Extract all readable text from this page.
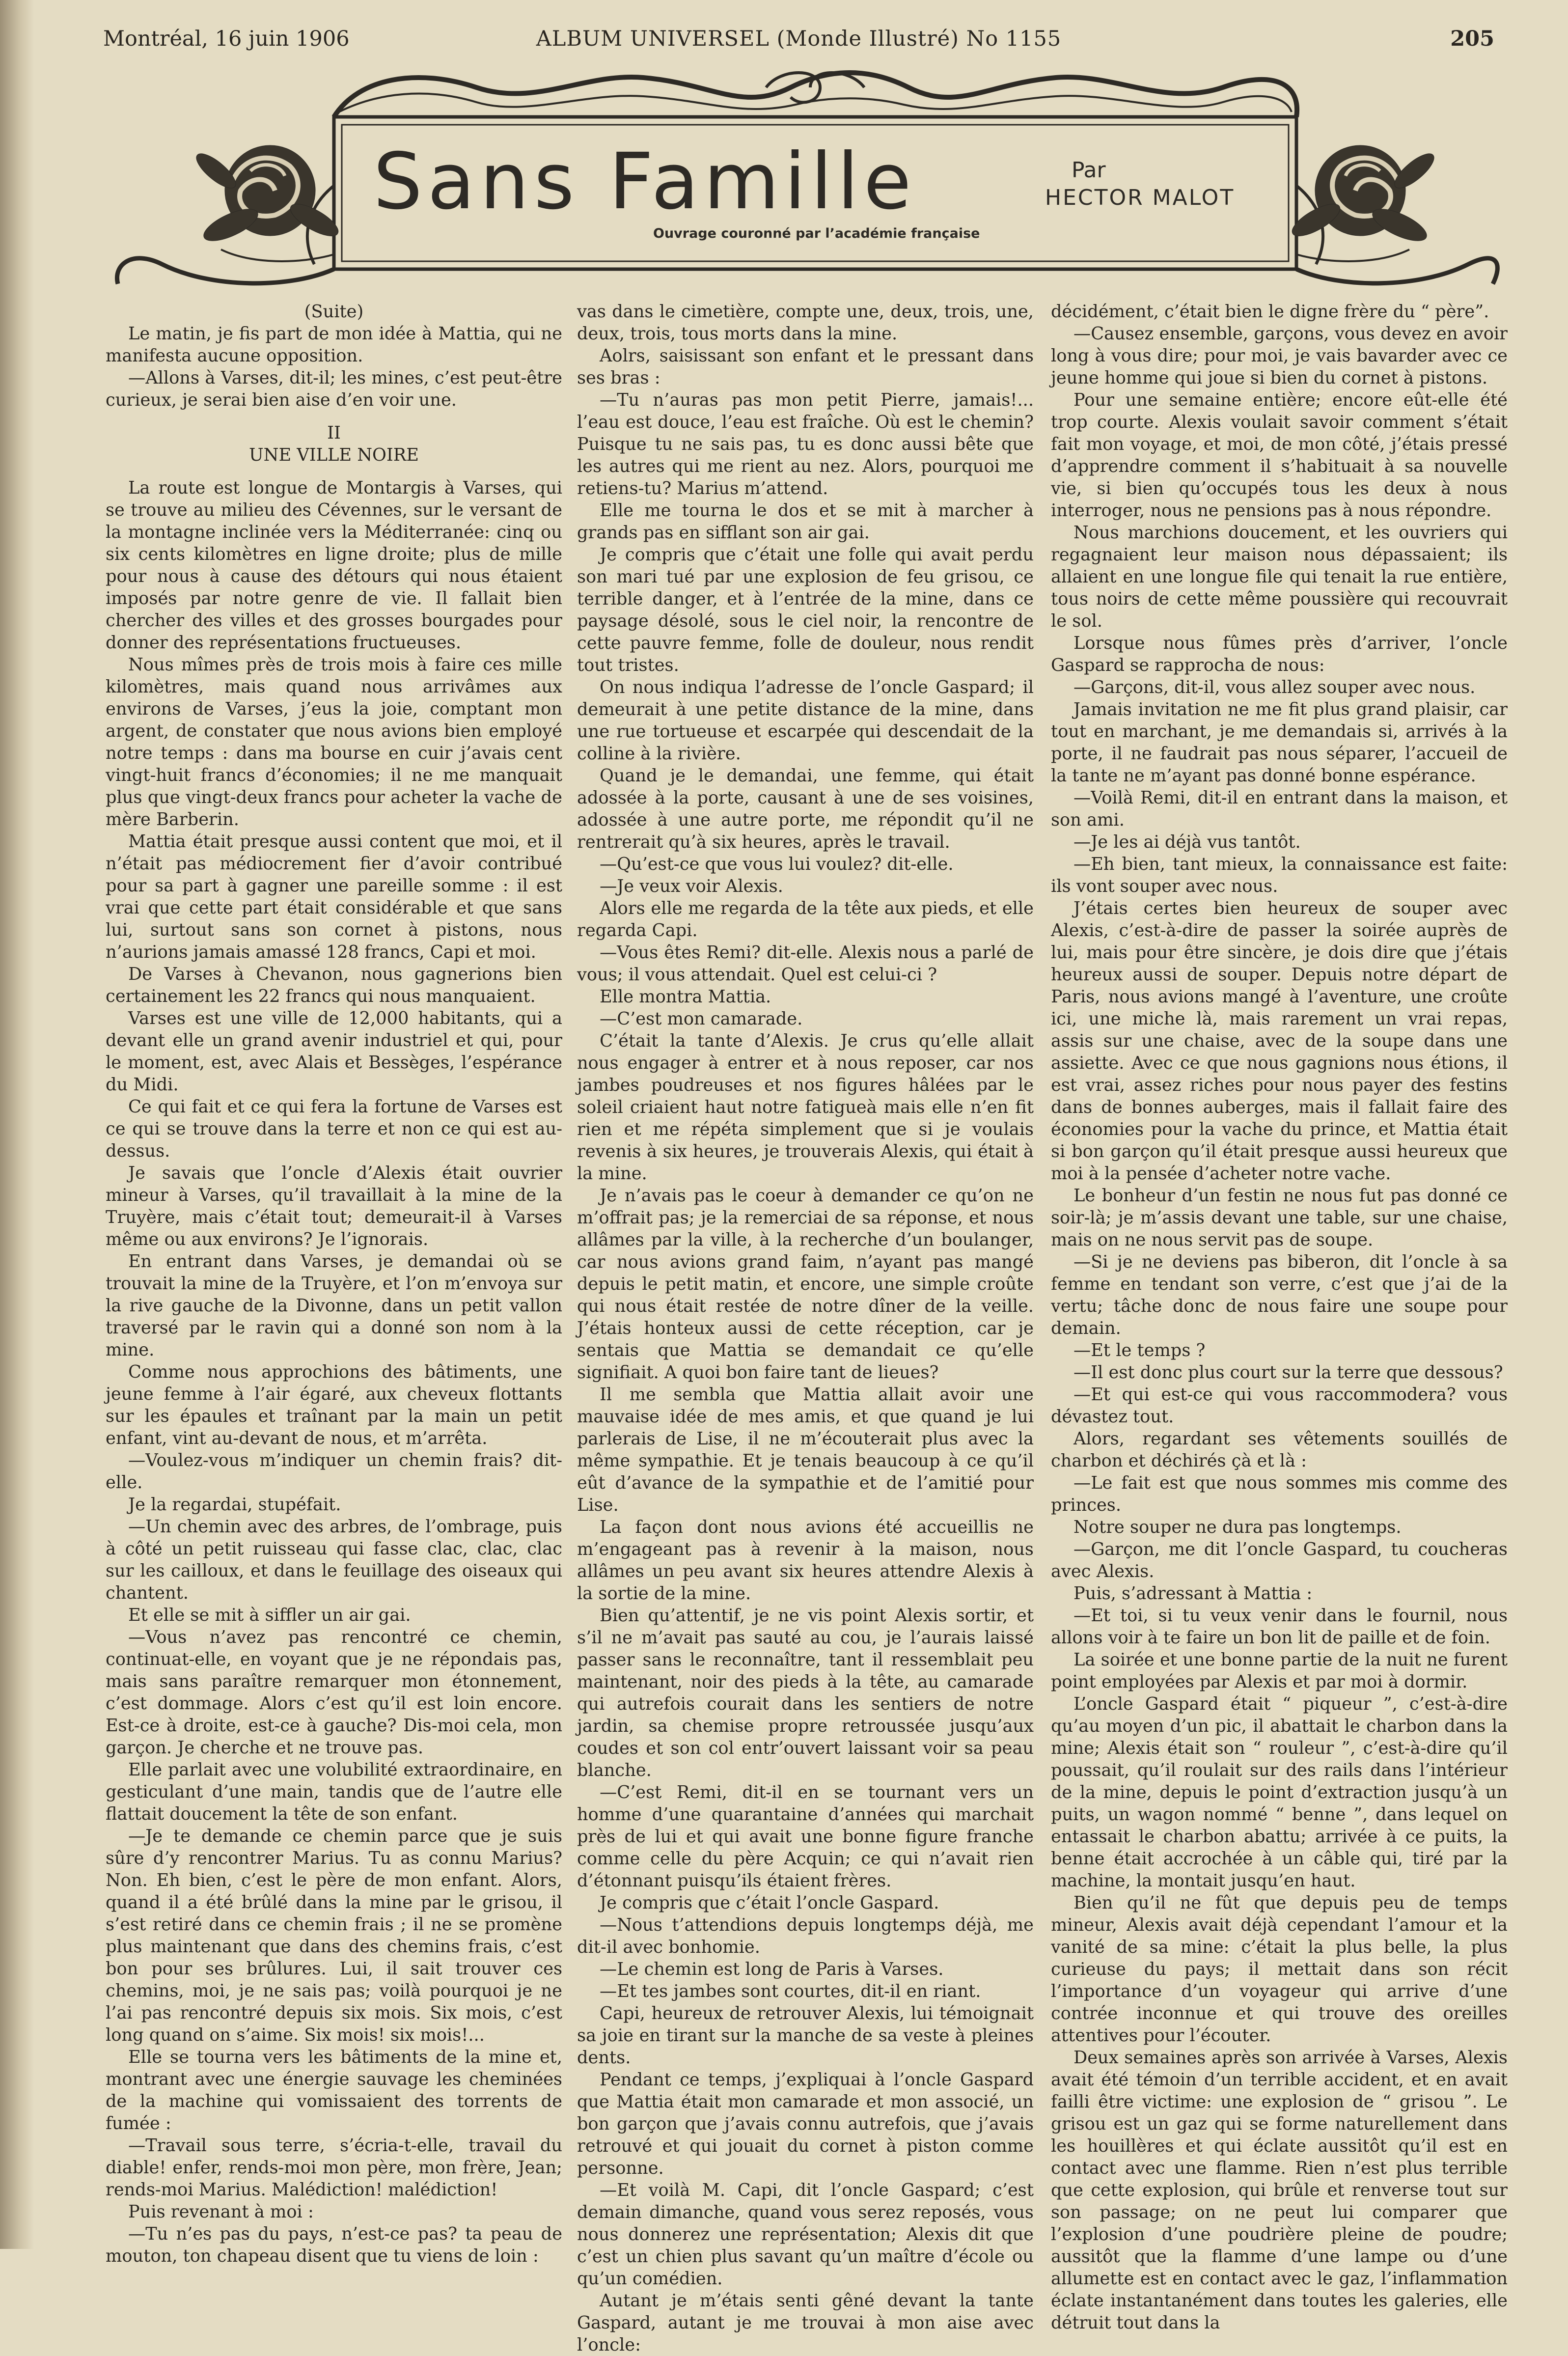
Montréal, 16 juin 1906	ALBUM UNIVERSEL (Monde Illustré) No 1155	205
Sans Famille	Par
HECTOR MALOT
Ouvrage couronné par l’académie française

(Suite)

Le matin, je fis part de mon idée à Mattia, qui ne manifesta aucune opposition.

—Allons à Varses, dit-il; les mines, c’est peut-être curieux, je serai bien aise d’en voir une.

II

UNE VILLE NOIRE

La route est longue de Montargis à Varses, qui se trouve au milieu des Cévennes, sur le versant de la montagne inclinée vers la Méditerranée: cinq ou six cents kilomètres en ligne droite; plus de mille pour nous à cause des détours qui nous étaient imposés par notre genre de vie. Il fallait bien chercher des villes et des grosses bourgades pour donner des représentations fructueuses.

Nous mîmes près de trois mois à faire ces mille kilomètres, mais quand nous arrivâmes aux environs de Varses, j’eus la joie, comptant mon argent, de constater que nous avions bien employé notre temps : dans ma bourse en cuir j’avais cent vingt-huit francs d’économies; il ne me manquait plus que vingt-deux francs pour acheter la vache de mère Barberin.

Mattia était presque aussi content que moi, et il n’était pas médiocrement fier d’avoir contribué pour sa part à gagner une pareille somme : il est vrai que cette part était considérable et que sans lui, surtout sans son cornet à pistons, nous n’aurions jamais amassé 128 francs, Capi et moi.

De Varses à Chevanon, nous gagnerions bien certainement les 22 francs qui nous manquaient.

Varses est une ville de 12,000 habitants, qui a devant elle un grand avenir industriel et qui, pour le moment, est, avec Alais et Bessèges, l’espérance du Midi.

Ce qui fait et ce qui fera la fortune de Varses est ce qui se trouve dans la terre et non ce qui est au-dessus.

Je savais que l’oncle d’Alexis était ouvrier mineur à Varses, qu’il travaillait à la mine de la Truyère, mais c’était tout; demeurait-il à Varses même ou aux environs? Je l’ignorais.

En entrant dans Varses, je demandai où se trouvait la mine de la Truyère, et l’on m’envoya sur la rive gauche de la Divonne, dans un petit vallon traversé par le ravin qui a donné son nom à la mine.

Comme nous approchions des bâtiments, une jeune femme à l’air égaré, aux cheveux flottants sur les épaules et traînant par la main un petit enfant, vint au-devant de nous, et m’arrêta.

—Voulez-vous m’indiquer un chemin frais? dit-elle.

Je la regardai, stupéfait.

—Un chemin avec des arbres, de l’ombrage, puis à côté un petit ruisseau qui fasse clac, clac, clac sur les cailloux, et dans le feuillage des oiseaux qui chantent.

Et elle se mit à siffler un air gai.

—Vous n’avez pas rencontré ce chemin, continuat-elle, en voyant que je ne répondais pas, mais sans paraître remarquer mon étonnement, c’est dommage. Alors c’est qu’il est loin encore. Est-ce à droite, est-ce à gauche? Dis-moi cela, mon garçon. Je cherche et ne trouve pas.

Elle parlait avec une volubilité extraordinaire, en gesticulant d’une main, tandis que de l’autre elle flattait doucement la tête de son enfant.

—Je te demande ce chemin parce que je suis sûre d’y rencontrer Marius. Tu as connu Marius? Non. Eh bien, c’est le père de mon enfant. Alors, quand il a été brûlé dans la mine par le grisou, il s’est retiré dans ce chemin frais ; il ne se promène plus maintenant que dans des chemins frais, c’est bon pour ses brûlures. Lui, il sait trouver ces chemins, moi, je ne sais pas; voilà pourquoi je ne l’ai pas rencontré depuis six mois. Six mois, c’est long quand on s’aime. Six mois! six mois!...

Elle se tourna vers les bâtiments de la mine et, montrant avec une énergie sauvage les cheminées de la machine qui vomissaient des torrents de fumée :

—Travail sous terre, s’écria-t-elle, travail du diable! enfer, rends-moi mon père, mon frère, Jean; rends-moi Marius. Malédiction! malédiction!

Puis revenant à moi :

—Tu n’es pas du pays, n’est-ce pas? ta peau de mouton, ton chapeau disent que tu viens de loin :

vas dans le cimetière, compte une, deux, trois, une, deux, trois, tous morts dans la mine.

Aolrs, saisissant son enfant et le pressant dans ses bras :

—Tu n’auras pas mon petit Pierre, jamais!... l’eau est douce, l’eau est fraîche. Où est le chemin? Puisque tu ne sais pas, tu es donc aussi bête que les autres qui me rient au nez. Alors, pourquoi me retiens-tu? Marius m’attend.

Elle me tourna le dos et se mit à marcher à grands pas en sifflant son air gai.

Je compris que c’était une folle qui avait perdu son mari tué par une explosion de feu grisou, ce terrible danger, et à l’entrée de la mine, dans ce paysage désolé, sous le ciel noir, la rencontre de cette pauvre femme, folle de douleur, nous rendit tout tristes.

On nous indiqua l’adresse de l’oncle Gaspard; il demeurait à une petite distance de la mine, dans une rue tortueuse et escarpée qui descendait de la colline à la rivière.

Quand je le demandai, une femme, qui était adossée à la porte, causant à une de ses voisines, adossée à une autre porte, me répondit qu’il ne rentrerait qu’à six heures, après le travail.

—Qu’est-ce que vous lui voulez? dit-elle.

—Je veux voir Alexis.

Alors elle me regarda de la tête aux pieds, et elle regarda Capi.

—Vous êtes Remi? dit-elle. Alexis nous a parlé de vous; il vous attendait. Quel est celui-ci ?

Elle montra Mattia.

—C’est mon camarade.

C’était la tante d’Alexis. Je crus qu’elle allait nous engager à entrer et à nous reposer, car nos jambes poudreuses et nos figures hâlées par le soleil criaient haut notre fatigueà mais elle n’en fit rien et me répéta simplement que si je voulais revenis à six heures, je trouverais Alexis, qui était à la mine.

Je n’avais pas le coeur à demander ce qu’on ne m’offrait pas; je la remerciai de sa réponse, et nous allâmes par la ville, à la recherche d’un boulanger, car nous avions grand faim, n’ayant pas mangé depuis le petit matin, et encore, une simple croûte qui nous était restée de notre dîner de la veille. J’étais honteux aussi de cette réception, car je sentais que Mattia se demandait ce qu’elle signifiait. A quoi bon faire tant de lieues?

Il me sembla que Mattia allait avoir une mauvaise idée de mes amis, et que quand je lui parlerais de Lise, il ne m’écouterait plus avec la même sympathie. Et je tenais beaucoup à ce qu’il eût d’avance de la sympathie et de l’amitié pour Lise.

La façon dont nous avions été accueillis ne m’engageant pas à revenir à la maison, nous allâmes un peu avant six heures attendre Alexis à la sortie de la mine.

Bien qu’attentif, je ne vis point Alexis sortir, et s’il ne m’avait pas sauté au cou, je l’aurais laissé passer sans le reconnaître, tant il ressemblait peu maintenant, noir des pieds à la tête, au camarade qui autrefois courait dans les sentiers de notre jardin, sa chemise propre retroussée jusqu’aux coudes et son col entr’ouvert laissant voir sa peau blanche.

—C’est Remi, dit-il en se tournant vers un homme d’une quarantaine d’années qui marchait près de lui et qui avait une bonne figure franche comme celle du père Acquin; ce qui n’avait rien d’étonnant puisqu’ils étaient frères.

Je compris que c’était l’oncle Gaspard.

—Nous t’attendions depuis longtemps déjà, me dit-il avec bonhomie.

—Le chemin est long de Paris à Varses.

—Et tes jambes sont courtes, dit-il en riant.

Capi, heureux de retrouver Alexis, lui témoignait sa joie en tirant sur la manche de sa veste à pleines dents.

Pendant ce temps, j’expliquai à l’oncle Gaspard que Mattia était mon camarade et mon associé, un bon garçon que j’avais connu autrefois, que j’avais retrouvé et qui jouait du cornet à piston comme personne.

—Et voilà M. Capi, dit l’oncle Gaspard; c’est demain dimanche, quand vous serez reposés, vous nous donnerez une représentation; Alexis dit que c’est un chien plus savant qu’un maître d’école ou qu’un comédien.

Autant je m’étais senti gêné devant la tante Gaspard, autant je me trouvai à mon aise avec l’oncle:

décidément, c’était bien le digne frère du “ père”.

—Causez ensemble, garçons, vous devez en avoir long à vous dire; pour moi, je vais bavarder avec ce jeune homme qui joue si bien du cornet à pistons.

Pour une semaine entière; encore eût-elle été trop courte. Alexis voulait savoir comment s’était fait mon voyage, et moi, de mon côté, j’étais pressé d’apprendre comment il s’habituait à sa nouvelle vie, si bien qu’occupés tous les deux à nous interroger, nous ne pensions pas à nous répondre.

Nous marchions doucement, et les ouvriers qui regagnaient leur maison nous dépassaient; ils allaient en une longue file qui tenait la rue entière, tous noirs de cette même poussière qui recouvrait le sol.

Lorsque nous fûmes près d’arriver, l’oncle Gaspard se rapprocha de nous:

—Garçons, dit-il, vous allez souper avec nous.

Jamais invitation ne me fit plus grand plaisir, car tout en marchant, je me demandais si, arrivés à la porte, il ne faudrait pas nous séparer, l’accueil de la tante ne m’ayant pas donné bonne espérance.

—Voilà Remi, dit-il en entrant dans la maison, et son ami.

—Je les ai déjà vus tantôt.

—Eh bien, tant mieux, la connaissance est faite: ils vont souper avec nous.

J’étais certes bien heureux de souper avec Alexis, c’est-à-dire de passer la soirée auprès de lui, mais pour être sincère, je dois dire que j’étais heureux aussi de souper. Depuis notre départ de Paris, nous avions mangé à l’aventure, une croûte ici, une miche là, mais rarement un vrai repas, assis sur une chaise, avec de la soupe dans une assiette. Avec ce que nous gagnions nous étions, il est vrai, assez riches pour nous payer des festins dans de bonnes auberges, mais il fallait faire des économies pour la vache du prince, et Mattia était si bon garçon qu’il était presque aussi heureux que moi à la pensée d’acheter notre vache.

Le bonheur d’un festin ne nous fut pas donné ce soir-là; je m’assis devant une table, sur une chaise, mais on ne nous servit pas de soupe.

—Si je ne deviens pas biberon, dit l’oncle à sa femme en tendant son verre, c’est que j’ai de la vertu; tâche donc de nous faire une soupe pour demain.

—Et le temps ?

—Il est donc plus court sur la terre que dessous?

—Et qui est-ce qui vous raccommodera? vous dévastez tout.

Alors, regardant ses vêtements souillés de charbon et déchirés çà et là :

—Le fait est que nous sommes mis comme des princes.

Notre souper ne dura pas longtemps.

—Garçon, me dit l’oncle Gaspard, tu coucheras avec Alexis.

Puis, s’adressant à Mattia :

—Et toi, si tu veux venir dans le fournil, nous allons voir à te faire un bon lit de paille et de foin.

La soirée et une bonne partie de la nuit ne furent point employées par Alexis et par moi à dormir.

L’oncle Gaspard était “ piqueur ”, c’est-à-dire qu’au moyen d’un pic, il abattait le charbon dans la mine; Alexis était son “ rouleur ”, c’est-à-dire qu’il poussait, qu’il roulait sur des rails dans l’intérieur de la mine, depuis le point d’extraction jusqu’à un puits, un wagon nommé “ benne ”, dans lequel on entassait le charbon abattu; arrivée à ce puits, la benne était accrochée à un câble qui, tiré par la machine, la montait jusqu’en haut.

Bien qu’il ne fût que depuis peu de temps mineur, Alexis avait déjà cependant l’amour et la vanité de sa mine: c’était la plus belle, la plus curieuse du pays; il mettait dans son récit l’importance d’un voyageur qui arrive d’une contrée inconnue et qui trouve des oreilles attentives pour l’écouter.

Deux semaines après son arrivée à Varses, Alexis avait été témoin d’un terrible accident, et en avait failli être victime: une explosion de “ grisou ”. Le grisou est un gaz qui se forme naturellement dans les houillères et qui éclate aussitôt qu’il est en contact avec une flamme. Rien n’est plus terrible que cette explosion, qui brûle et renverse tout sur son passage; on ne peut lui comparer que l’explosion d’une poudrière pleine de poudre; aussitôt que la flamme d’une lampe ou d’une allumette est en contact avec le gaz, l’inflammation éclate instantanément dans toutes les galeries, elle détruit tout dans la
